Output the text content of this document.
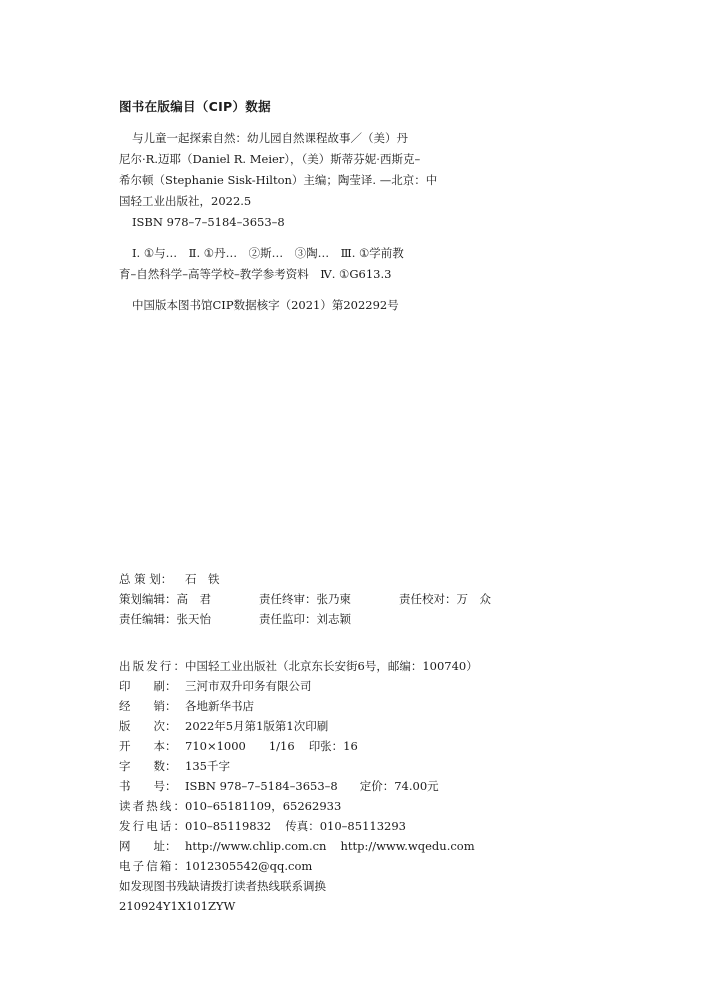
图书在版编目（CIP）数据
与儿童一起探索自然：幼儿园自然课程故事／（美）丹
尼尔·R.迈耶（Daniel R. Meier），（美）斯蒂芬妮·西斯克–
希尔顿（Stephanie Sisk-Hilton）主编；陶莹译. —北京：中
国轻工业出版社，2022.5
ISBN 978–7–5184–3653–8
Ⅰ. ①与…　Ⅱ. ①丹…　②斯…　③陶…　Ⅲ. ①学前教
育–自然科学–高等学校–教学参考资料　Ⅳ. ①G613.3
中国版本图书馆CIP数据核字（2021）第202292号
总 策 划：	石　铁
策划编辑： 高　君	责任终审： 张乃柬	责任校对： 万　众
责任编辑： 张天怡	责任监印： 刘志颖
出版发行： 中国轻工业出版社（北京东长安街6号，邮编：100740）
印　　刷： 三河市双升印务有限公司
经　　销： 各地新华书店
版　　次： 2022年5月第1版第1次印刷
开　　本： 710×1000　　1/16 印张：16
字　　数： 135千字
书　　号： ISBN 978–7–5184–3653–8 定价：74.00元
读者热线： 010–65181109，65262933
发行电话： 010–85119832 传真：010–85113293
网　　址： http://www.chlip.com.cn http://www.wqedu.com
电子信箱： 1012305542@qq.com
如发现图书残缺请拨打读者热线联系调换
210924Y1X101ZYW
